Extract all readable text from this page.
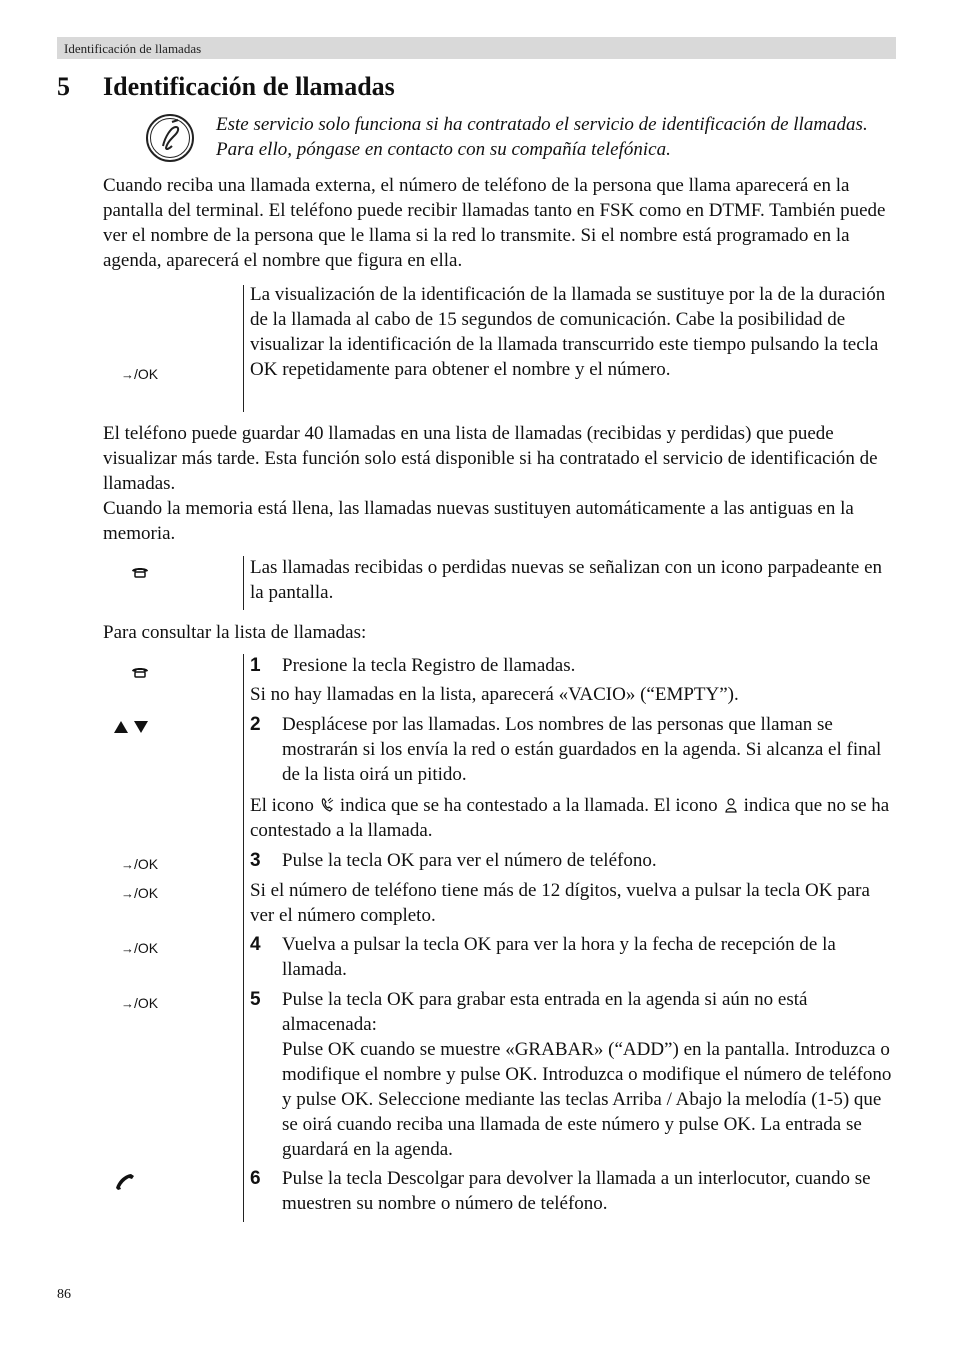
Identificación de llamadas
5 Identificación de llamadas
Este servicio solo funciona si ha contratado el servicio de identificación de llamadas. Para ello, póngase en contacto con su compañía telefónica.
Cuando reciba una llamada externa, el número de teléfono de la persona que llama aparecerá en la pantalla del terminal. El teléfono puede recibir llamadas tanto en FSK como en DTMF. También puede ver el nombre de la persona que le llama si la red lo transmite. Si el nombre está programado en la agenda, aparecerá el nombre que figura en ella.
→/OK
La visualización de la identificación de la llamada se sustituye por la de la duración de la llamada al cabo de 15 segundos de comunicación. Cabe la posibilidad de visualizar la identificación de la llamada transcurrido este tiempo pulsando la tecla OK repetidamente para obtener el nombre y el número.
El teléfono puede guardar 40 llamadas en una lista de llamadas (recibidas y perdidas) que puede visualizar más tarde. Esta función solo está disponible si ha contratado el servicio de identificación de llamadas.
Cuando la memoria está llena, las llamadas nuevas sustituyen automáticamente a las antiguas en la memoria.
Las llamadas recibidas o perdidas nuevas se señalizan con un icono parpadeante en la pantalla.
Para consultar la lista de llamadas:
1 Presione la tecla Registro de llamadas.
Si no hay llamadas en la lista, aparecerá «VACIO» (“EMPTY”).
2 Desplácese por las llamadas. Los nombres de las personas que llaman se mostrarán si los envía la red o están guardados en la agenda. Si alcanza el final de la lista oirá un pitido.
El icono indica que se ha contestado a la llamada. El icono indica que no se ha contestado a la llamada.
→/OK	3 Pulse la tecla OK para ver el número de teléfono.
→/OK	Si el número de teléfono tiene más de 12 dígitos, vuelva a pulsar la tecla OK para ver el número completo.
→/OK	4 Vuelva a pulsar la tecla OK para ver la hora y la fecha de recepción de la llamada.
→/OK	5 Pulse la tecla OK para grabar esta entrada en la agenda si aún no está almacenada:
Pulse OK cuando se muestre «GRABAR» (“ADD”) en la pantalla. Introduzca o modifique el nombre y pulse OK. Introduzca o modifique el número de teléfono y pulse OK. Seleccione mediante las teclas Arriba / Abajo la melodía (1-5) que se oirá cuando reciba una llamada de este número y pulse OK. La entrada se guardará en la agenda.
6 Pulse la tecla Descolgar para devolver la llamada a un interlocutor, cuando se muestren su nombre o número de teléfono.
86
